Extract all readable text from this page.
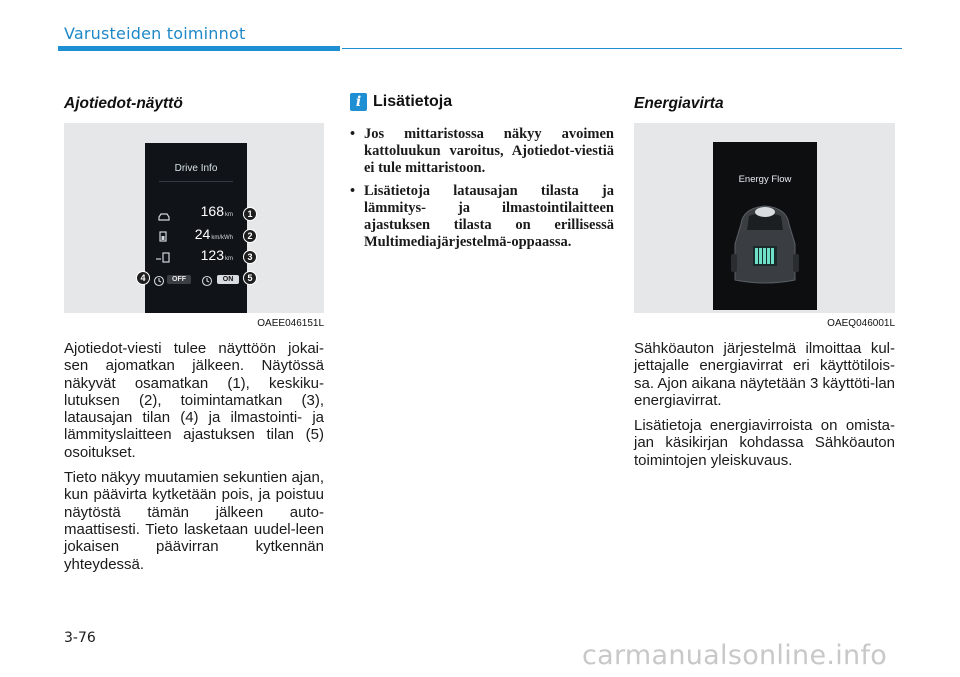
Varusteiden toiminnot
Ajotiedot-näyttö
Drive Info
168km
24km/kWh
123km
OFF	ON
1
2
3
4	5
OAEE046151L

Ajotiedot-viesti tulee näyttöön jokai-sen ajomatkan jälkeen. Näytössä näkyvät osamatkan (1), keskiku-lutuksen (2), toimintamatkan (3), latausajan tilan (4) ja ilmastointi- ja lämmityslaitteen ajastuksen tilan (5) osoitukset.

Tieto näkyy muutamien sekuntien ajan, kun päävirta kytketään pois, ja poistuu näytöstä tämän jälkeen auto-maattisesti. Tieto lasketaan uudel-leen jokaisen päävirran kytkennän yhteydessä.

i Lisätietoja
• Jos mittaristossa näkyy avoimen kattoluukun varoitus, Ajotiedot-viestiä ei tule mittaristoon.
• Lisätietoja latausajan tilasta ja lämmitys- ja ilmastointilaitteen ajastuksen tilasta on erillisessä Multimediajärjestelmä-oppaassa.
Energiavirta
Energy Flow
OAEQ046001L

Sähköauton järjestelmä ilmoittaa kul-jettajalle energiavirrat eri käyttötilois-sa. Ajon aikana näytetään 3 käyttöti-lan energiavirrat.

Lisätietoja energiavirroista on omista-jan käsikirjan kohdassa Sähköauton toimintojen yleiskuvaus.

3-76
carmanualsonline.info
